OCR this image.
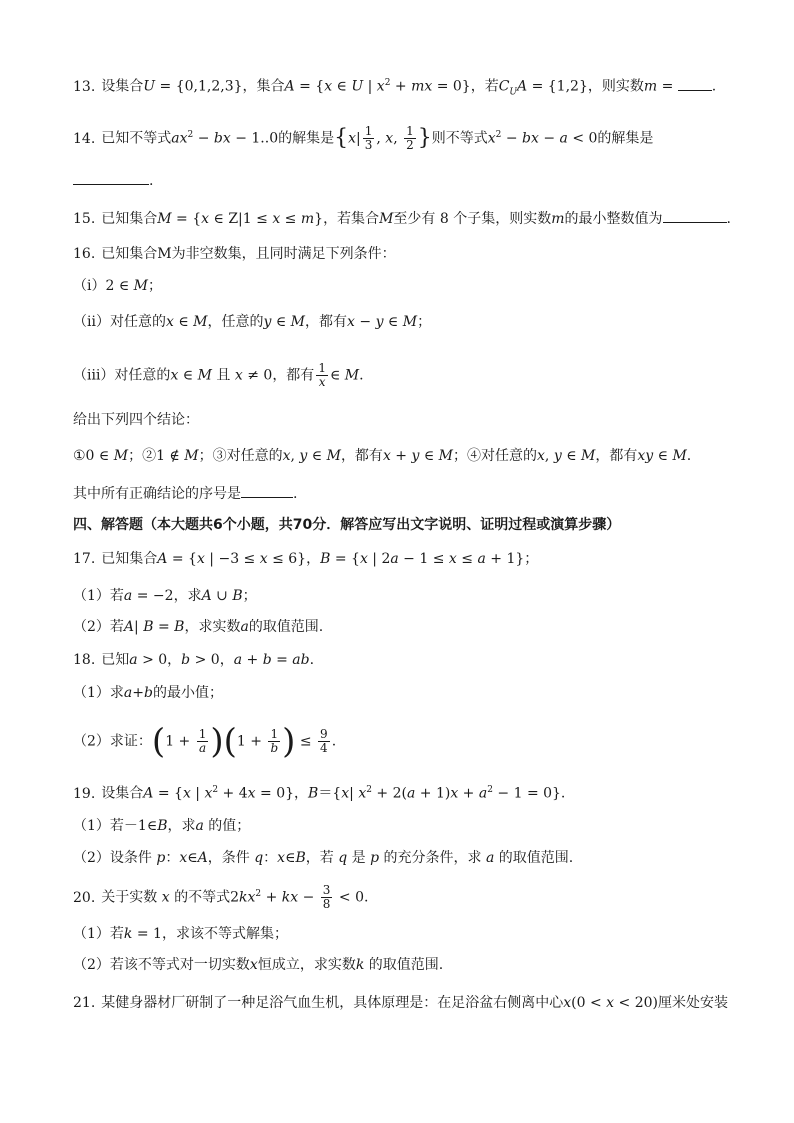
13. 设集合U = {0,1,2,3}，集合A = {x ∈ U | $x^2$ + mx = 0}，若$C_UA = \{1,2\}$，则实数m = .
14. 已知不等式$ax^2$ − bx − 1..0的解集是{$x| \frac{1}{3}$ , x, $\frac{1}{2}$ }则不等式$x^2$ − bx − a < 0的解集是
.
15. 已知集合M = {x ∈ Z|1 ≤ x ≤ m}，若集合M至少有 8 个子集，则实数m的最小整数值为	.
16. 已知集合M为非空数集，且同时满足下列条件：
（ⅰ）2 ∈ M；
（ⅱ）对任意的x ∈ M，任意的y ∈ M，都有x − y ∈ M；
（ⅲ）对任意的x ∈ M 且 x ≠ 0，都有 $\frac{1}{x}$ ∈ M.
给出下列四个结论：
①0 ∈ M；②1 ∉ M；③对任意的x, y ∈ M，都有x + y ∈ M；④对任意的x, y ∈ M，都有xy ∈ M.
其中所有正确结论的序号是	.
四、解答题（本大题共6个小题，共70分．解答应写出文字说明、证明过程或演算步骤）
17. 已知集合A = {x | −3 ≤ x ≤ 6}，B = {x | 2a − 1 ≤ x ≤ a + 1}；
（1）若a = −2，求A ∪ B；
（2）若A| B = B，求实数a的取值范围.
18. 已知a > 0，b > 0，a + b = ab.
（1）求a+b的最小值；
（2）求证：$(1 + \frac{1}{a} )(1 + \frac{1}{b}$ ) ≤ $\frac{9}{4}$ .
19. 设集合A = {x | $x^2 + 4x = 0$}，B＝{x| $x^2 + 2(a + 1)x + a^2 - 1 = 0$}.
（1）若－1∈B，求a 的值；
（2）设条件 p：x∈A，条件 q：x∈B，若 q 是 p 的充分条件，求 a 的取值范围.
20. 关于实数 x 的不等式$2kx^2$ + kx − $\frac{3}{8} < 0$.
（1）若k = 1，求该不等式解集；
（2）若该不等式对一切实数x恒成立，求实数k 的取值范围.
21. 某健身器材厂研制了一种足浴气血生机，具体原理是：在足浴盆右侧离中心x(0 < x < 20)厘米处安装
